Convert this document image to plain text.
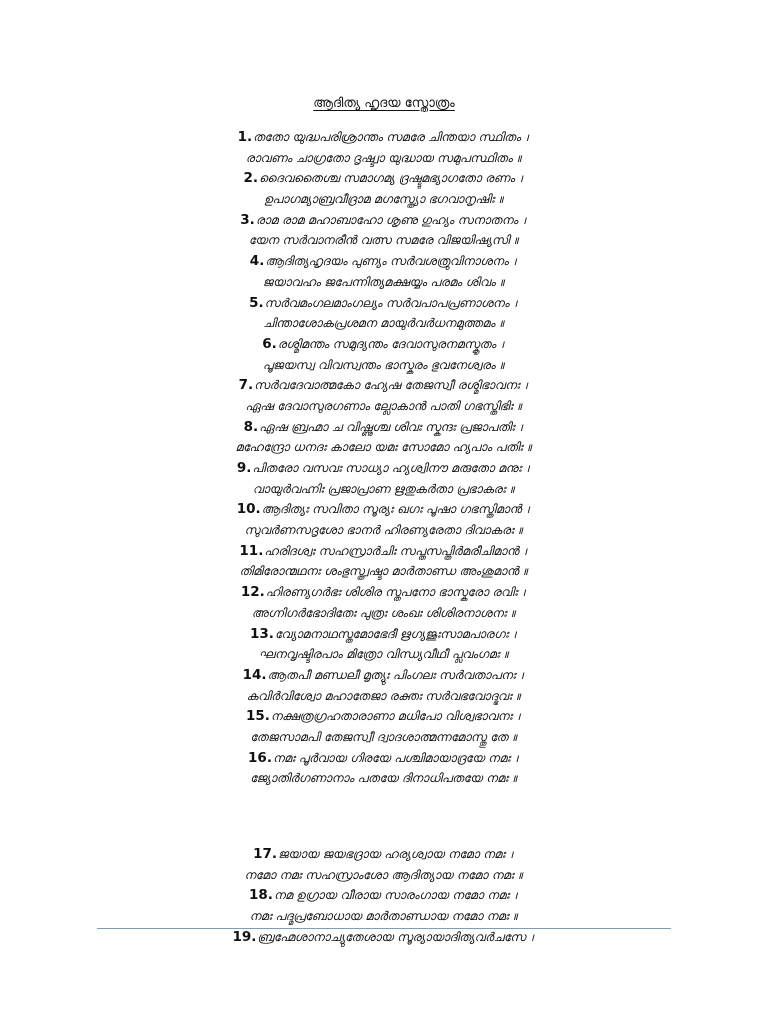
ആദിത്യ ഹൃദയ സ്തോത്രം
1.തതോ യുദ്ധപരിശ്രാന്തം സമരേ ചിന്തയാ സ്ഥിതം ।
രാവണം ചാഗ്രതോ ദൃഷ്ട്വാ യുദ്ധായ സമുപസ്ഥിതം ॥
2.ദൈവതൈശ്ച സമാഗമ്യ ദ്രഷ്ടുമഭ്യാഗതോ രണം ।
ഉപാഗമ്യാബ്രവീദ്രാമ മഗസ്ത്യോ ഭഗവാനൃഷിഃ ॥
3.രാമ രാമ മഹാബാഹോ ശൃണു ഗുഹ്യം സനാതനം ।
യേന സർവാനരീൻ വത്സ സമരേ വിജയിഷ്യസി ॥
4.ആദിത്യഹൃദയം പുണ്യം സർവശത്രുവിനാശനം ।
ജയാവഹം ജപേന്നിത്യമക്ഷയ്യം പരമം ശിവം ॥
5.സർവമംഗലമാംഗല്യം സർവപാപപ്രണാശനം ।
ചിന്താശോകപ്രശമന മായുർവർധനമുത്തമം ॥
6.രശ്മിമന്തം സമുദ്യന്തം ദേവാസുരനമസ്കൃതം ।
പൂജയസ്വ വിവസ്വന്തം ഭാസ്കരം ഭുവനേശ്വരം ॥
7.സർവദേവാത്മകോ ഹ്യേഷ തേജസ്വീ രശ്മിഭാവനഃ ।
ഏഷ ദേവാസുരഗണാം ല്ലോകാൻ പാതി ഗഭസ്തിഭിഃ ॥
8.ഏഷ ബ്രഹ്മാ ച വിഷ്ണുശ്ച ശിവഃ സ്കന്ദഃ പ്രജാപതിഃ ।
മഹേന്ദ്രോ ധനദഃ കാലോ യമഃ സോമോ ഹ്യപാം പതിഃ ॥
9.പിതരോ വസവഃ സാധ്യാ ഹ്യശ്വിനൗ മരുതോ മനുഃ ।
വായുർവഹ്നിഃ പ്രജാപ്രാണ ഋതുകർതാ പ്രഭാകരഃ ॥
10.ആദിത്യഃ സവിതാ സൂര്യഃ ഖഗഃ പൂഷാ ഗഭസ്തിമാൻ ।
സുവർണസദൃശോ ഭാനർ ഹിരണ്യരേതാ ദിവാകരഃ ॥
11.ഹരിദശ്വഃ സഹസ്രാർചിഃ സപ്തസപ്തിർമരീചിമാൻ ।
തിമിരോന്മഥനഃ ശംഭുസ്ത്വഷ്ടാ മാർതാണ്ഡ അംശുമാൻ ॥
12.ഹിരണ്യഗർഭഃ ശിശിര സ്തപനോ ഭാസ്കരോ രവിഃ ।
അഗ്നിഗർഭോദിതേഃ പുത്രഃ ശംഖഃ ശിശിരനാശനഃ ॥
13.വ്യോമനാഥസ്തമോഭേദീ ഋഗ്യജുഃസാമപാരഗഃ ।
ഘനവൃഷ്ടിരപാം മിത്രോ വിന്ധ്യവീഥീ പ്ലവംഗമഃ ॥
14.ആതപീ മണ്ഡലീ മൃത്യുഃ പിംഗലഃ സർവതാപനഃ ।
കവിർവിശ്വോ മഹാതേജാ രക്തഃ സർവഭവോദ്ഭവഃ ॥
15.നക്ഷത്രഗ്രഹതാരാണാ മധിപോ വിശ്വഭാവനഃ ।
തേജസാമപി തേജസ്വീ ദ്വാദശാത്മന്നമോസ്തു തേ ॥
16.നമഃ പൂർവായ ഗിരയേ പശ്ചിമായാദ്രയേ നമഃ ।
ജ്യോതിർഗണാനാം പതയേ ദിനാധിപതയേ നമഃ ॥
17.ജയായ ജയഭദ്രായ ഹര്യശ്വായ നമോ നമഃ ।
നമോ നമഃ സഹസ്രാംശോ ആദിത്യായ നമോ നമഃ ॥
18.നമ ഉഗ്രായ വീരായ സാരംഗായ നമോ നമഃ ।
നമഃ പദ്മപ്രബോധായ മാർതാണ്ഡായ നമോ നമഃ ॥
19.ബ്രഹ്മേശാനാച്യുതേശായ സൂര്യായാദിത്യവർചസേ ।
